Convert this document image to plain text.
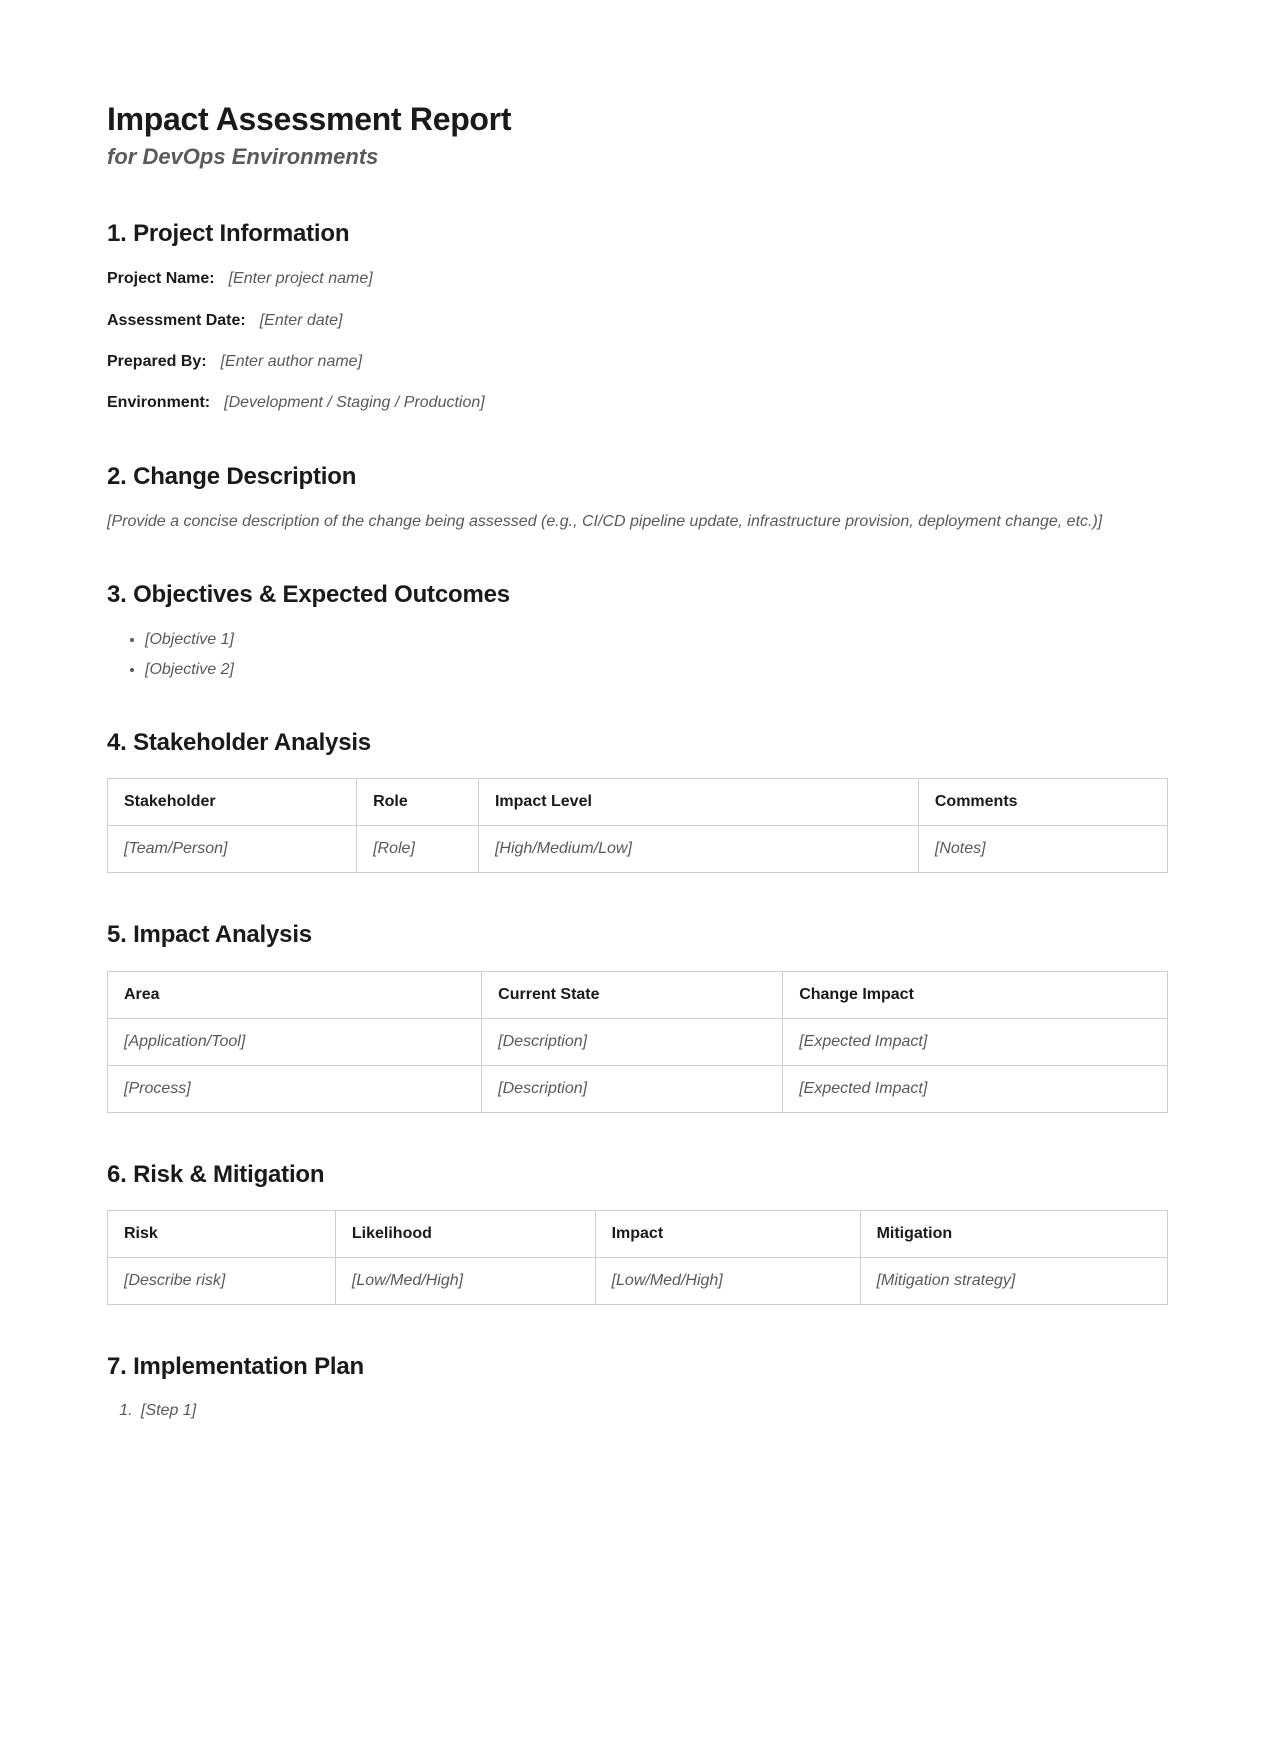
Impact Assessment Report

for DevOps Environments

1. Project Information

Project Name: [Enter project name]

Assessment Date: [Enter date]

Prepared By: [Enter author name]

Environment: [Development / Staging / Production]

2. Change Description

[Provide a concise description of the change being assessed (e.g., CI/CD pipeline update, infrastructure provision, deployment change, etc.)]

3. Objectives & Expected Outcomes
• [Objective 1]
• [Objective 2]
4. Stakeholder Analysis
Stakeholder	Role	Impact Level	Comments
[Team/Person]	[Role]	[High/Medium/Low]	[Notes]
5. Impact Analysis
Area	Current State	Change Impact
[Application/Tool]	[Description]	[Expected Impact]
[Process]	[Description]	[Expected Impact]
6. Risk & Mitigation
Risk	Likelihood	Impact	Mitigation
[Describe risk]	[Low/Med/High]	[Low/Med/High]	[Mitigation strategy]
7. Implementation Plan
1. [Step 1]
